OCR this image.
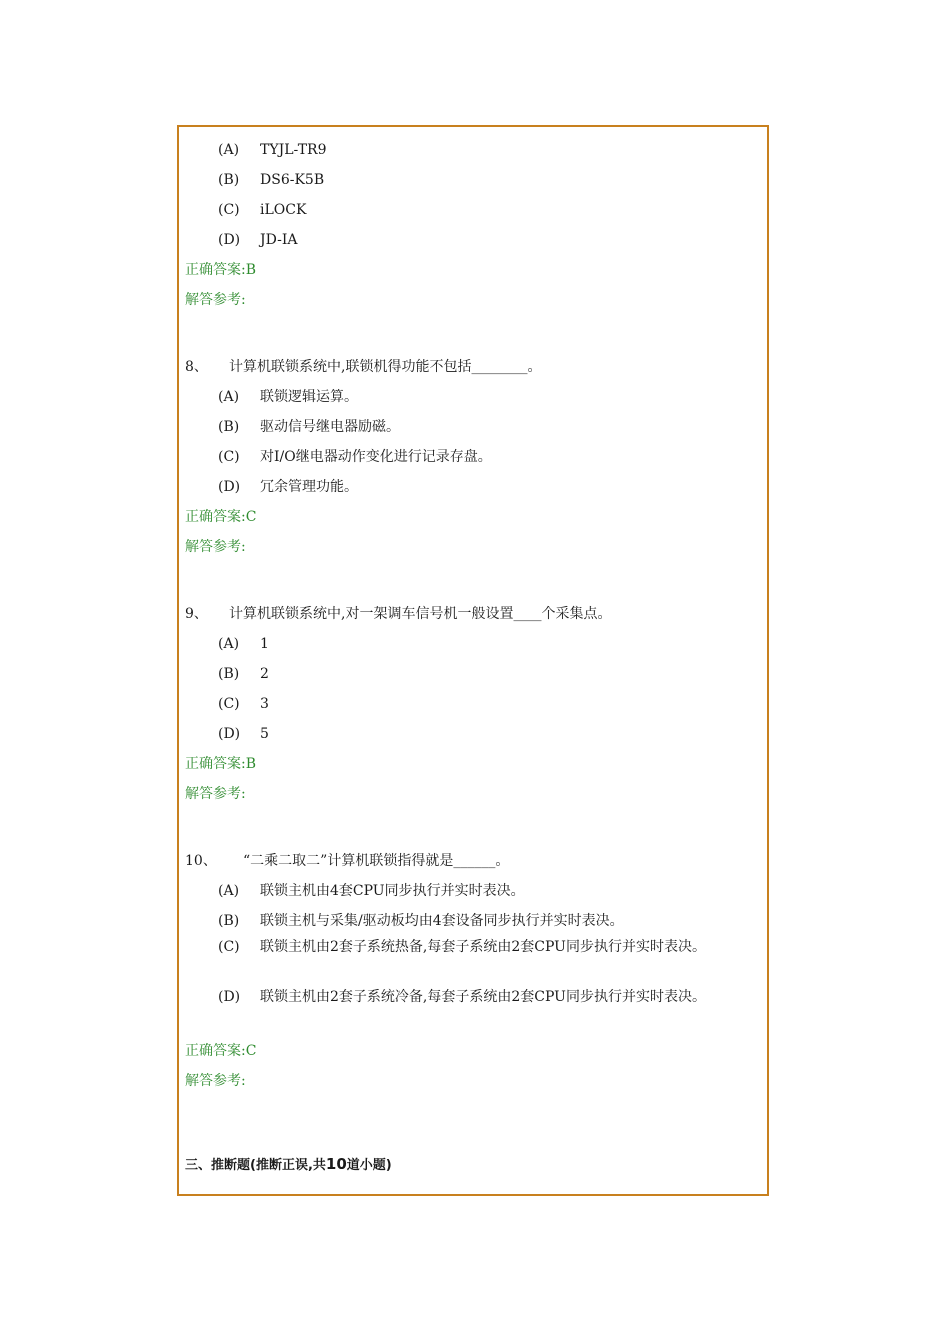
(A) TYJL-TR9
(B) DS6-K5B
(C) iLOCK
(D) JD-IA
正确答案:B
解答参考:
8、 计算机联锁系统中,联锁机得功能不包括________。
(A) 联锁逻辑运算。
(B) 驱动信号继电器励磁。
(C) 对I/O继电器动作变化进行记录存盘。
(D) 冗余管理功能。
正确答案:C
解答参考:
9、 计算机联锁系统中,对一架调车信号机一般设置____个采集点。
(A) 1
(B) 2
(C) 3
(D) 5
正确答案:B
解答参考:
10、 “二乘二取二”计算机联锁指得就是______。
(A) 联锁主机由4套CPU同步执行并实时表决。
(B) 联锁主机与采集/驱动板均由4套设备同步执行并实时表决。
(C) 联锁主机由2套子系统热备,每套子系统由2套CPU同步执行并实时表决。
(D) 联锁主机由2套子系统冷备,每套子系统由2套CPU同步执行并实时表决。
正确答案:C
解答参考:
三、推断题(推断正误,共10道小题)
